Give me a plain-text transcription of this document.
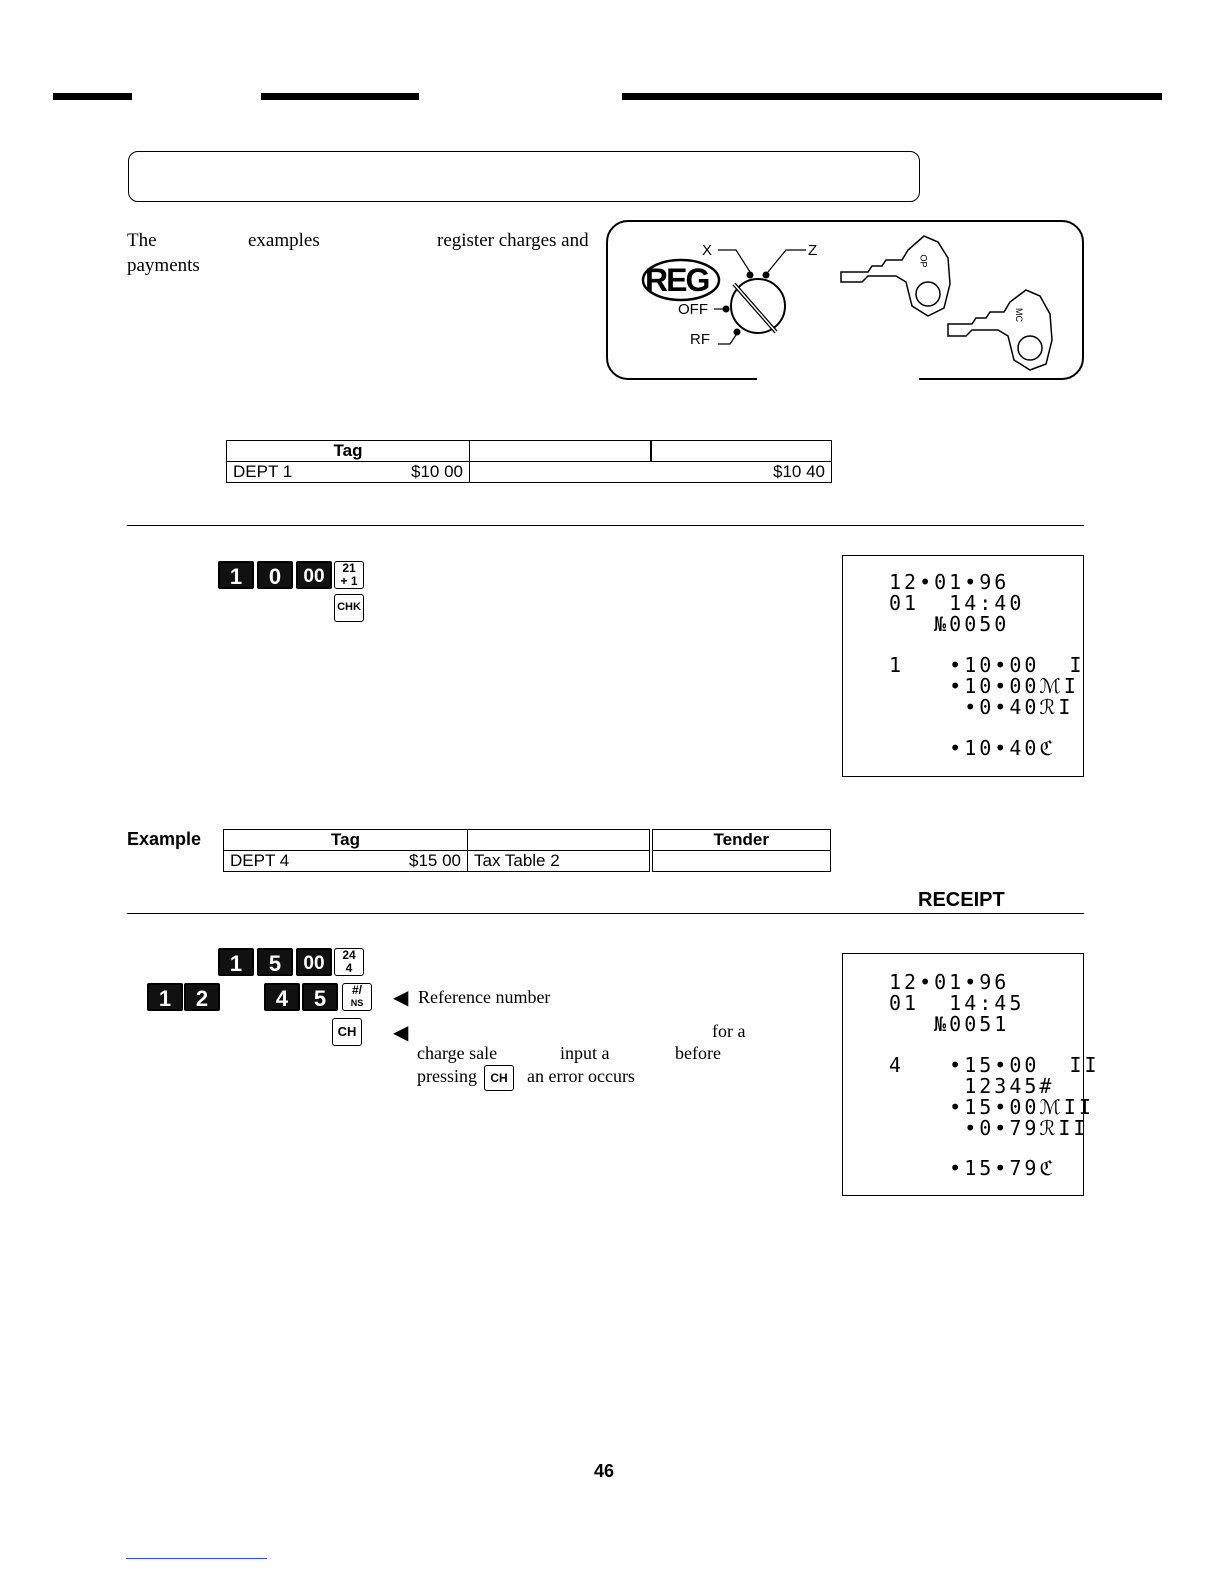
The	examples	register charges and
payments	REG
X	Z
OFF
RF
OP
MC
Tag		
DEPT 1 $10 00		$10 40
1	0	00	21
+ 1
CHK
12•01•96
01  14:40
№0050
1   •10•00  I
•10•00ℳI
•0•40ℛI
•10•40ℭ
Example	Tag		Tender
DEPT 4 $15 00	Tax Table 2	
RECEIPT
1	5	00	24
4
1	2	4	5	#/
NS	◀ Reference number
CH ◀	for a
charge sale	input a	before
pressing	CH	an error occurs
12•01•96
01  14:45
№0051
4   •15•00  II
12345#
•15•00ℳII
•0•79ℛII
•15•79ℭ
46
